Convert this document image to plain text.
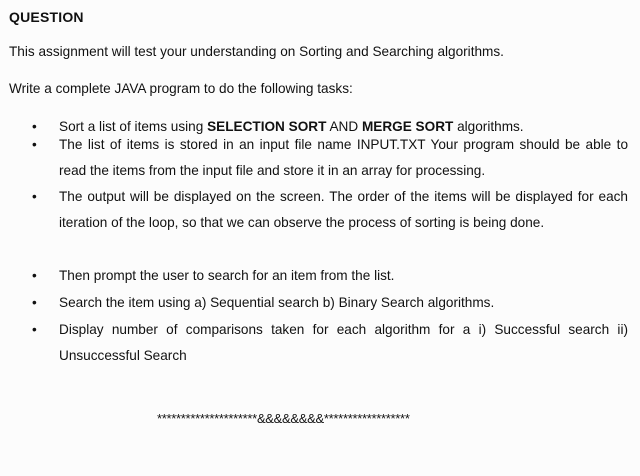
QUESTION
This assignment will test your understanding on Sorting and Searching algorithms.
Write a complete JAVA program to do the following tasks:
•	Sort a list of items using SELECTION SORT AND MERGE SORT algorithms.
•	The list of items is stored in an input file name INPUT.TXT Your program should be able to read the items from the input file and store it in an array for processing.
•	The output will be displayed on the screen. The order of the items will be displayed for each iteration of the loop, so that we can observe the process of sorting is being done.
•	Then prompt the user to search for an item from the list.
•	Search the item using a) Sequential search b) Binary Search algorithms.
•	Display number of comparisons taken for each algorithm for a i) Successful search ii) Unsuccessful Search
*********************&&&&&&&&******************
